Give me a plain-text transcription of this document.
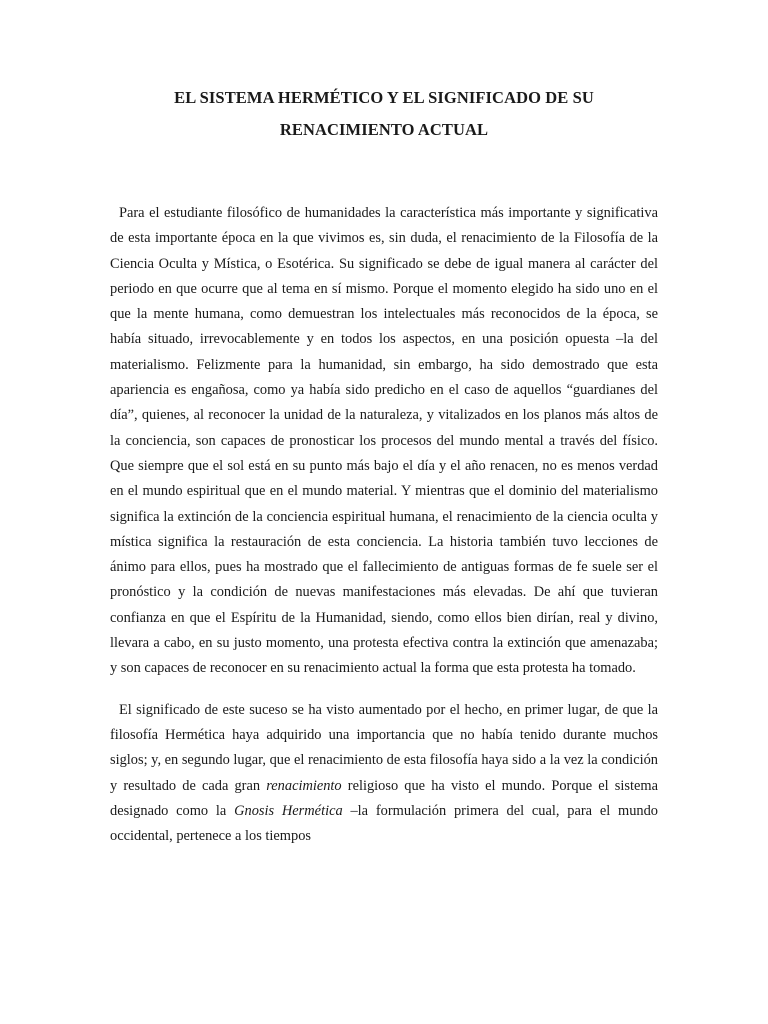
EL SISTEMA HERMÉTICO Y EL SIGNIFICADO DE SU
RENACIMIENTO ACTUAL

Para el estudiante filosófico de humanidades la característica más importante y significativa de esta importante época en la que vivimos es, sin duda, el renacimiento de la Filosofía de la Ciencia Oculta y Mística, o Esotérica. Su significado se debe de igual manera al carácter del periodo en que ocurre que al tema en sí mismo. Porque el momento elegido ha sido uno en el que la mente humana, como demuestran los intelectuales más reconocidos de la época, se había situado, irrevocablemente y en todos los aspectos, en una posición opuesta –la del materialismo. Felizmente para la humanidad, sin embargo, ha sido demostrado que esta apariencia es engañosa, como ya había sido predicho en el caso de aquellos “guardianes del día”, quienes, al reconocer la unidad de la naturaleza, y vitalizados en los planos más altos de la conciencia, son capaces de pronosticar los procesos del mundo mental a través del físico. Que siempre que el sol está en su punto más bajo el día y el año renacen, no es menos verdad en el mundo espiritual que en el mundo material. Y mientras que el dominio del materialismo significa la extinción de la conciencia espiritual humana, el renacimiento de la ciencia oculta y mística significa la restauración de esta conciencia. La historia también tuvo lecciones de ánimo para ellos, pues ha mostrado que el fallecimiento de antiguas formas de fe suele ser el pronóstico y la condición de nuevas manifestaciones más elevadas. De ahí que tuvieran confianza en que el Espíritu de la Humanidad, siendo, como ellos bien dirían, real y divino, llevara a cabo, en su justo momento, una protesta efectiva contra la extinción que amenazaba; y son capaces de reconocer en su renacimiento actual la forma que esta protesta ha tomado.

El significado de este suceso se ha visto aumentado por el hecho, en primer lugar, de que la filosofía Hermética haya adquirido una importancia que no había tenido durante muchos siglos; y, en segundo lugar, que el renacimiento de esta filosofía haya sido a la vez la condición y resultado de cada gran renacimiento religioso que ha visto el mundo. Porque el sistema designado como la Gnosis Hermética –la formulación primera del cual, para el mundo occidental, pertenece a los tiempos
